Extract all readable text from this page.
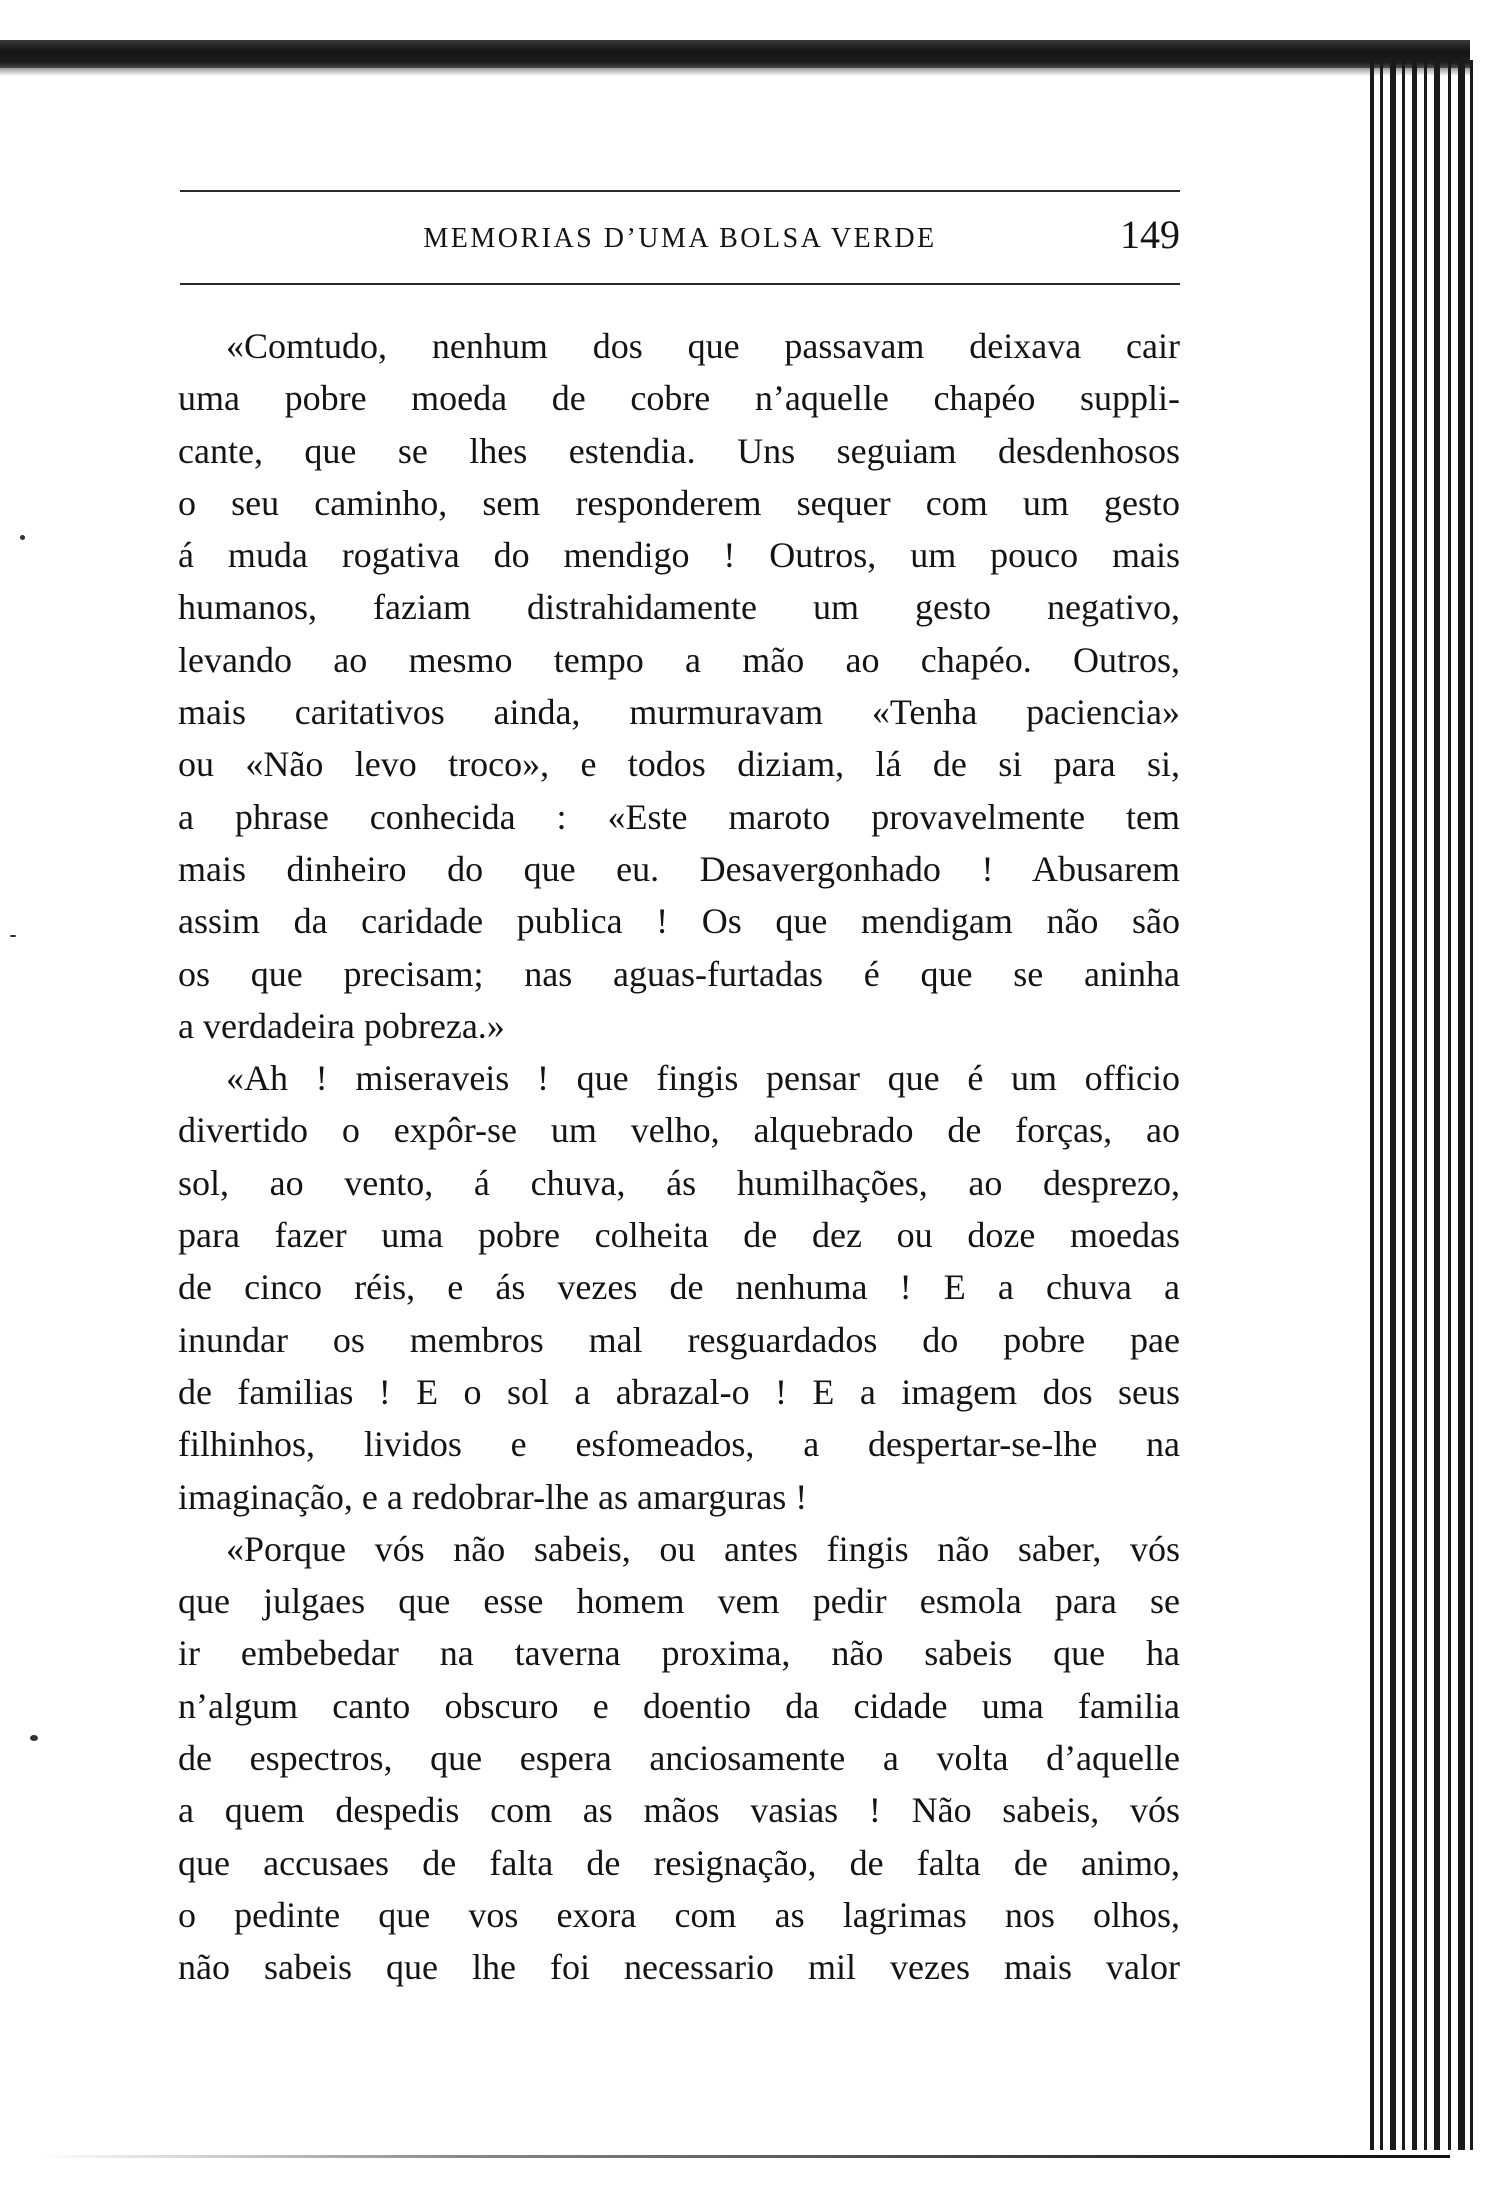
MEMORIAS D’UMA BOLSA VERDE	149
«Comtudo, nenhum dos que passavam deixava cair
uma pobre moeda de cobre n’aquelle chapéo suppli-
cante, que se lhes estendia. Uns seguiam desdenhosos
o seu caminho, sem responderem sequer com um gesto
á muda rogativa do mendigo ! Outros, um pouco mais
humanos, faziam distrahidamente um gesto negativo,
levando ao mesmo tempo a mão ao chapéo. Outros,
mais caritativos ainda, murmuravam «Tenha paciencia»
ou «Não levo troco», e todos diziam, lá de si para si,
a phrase conhecida : «Este maroto provavelmente tem
mais dinheiro do que eu. Desavergonhado ! Abusarem
assim da caridade publica ! Os que mendigam não são
os que precisam; nas aguas-furtadas é que se aninha
a verdadeira pobreza.»
«Ah ! miseraveis ! que fingis pensar que é um officio
divertido o expôr-se um velho, alquebrado de forças, ao
sol, ao vento, á chuva, ás humilhações, ao desprezo,
para fazer uma pobre colheita de dez ou doze moedas
de cinco réis, e ás vezes de nenhuma ! E a chuva a
inundar os membros mal resguardados do pobre pae
de familias ! E o sol a abrazal-o ! E a imagem dos seus
filhinhos, lividos e esfomeados, a despertar-se-lhe na
imaginação, e a redobrar-lhe as amarguras !
«Porque vós não sabeis, ou antes fingis não saber, vós
que julgaes que esse homem vem pedir esmola para se
ir embebedar na taverna proxima, não sabeis que ha
n’algum canto obscuro e doentio da cidade uma familia
de espectros, que espera anciosamente a volta d’aquelle
a quem despedis com as mãos vasias ! Não sabeis, vós
que accusaes de falta de resignação, de falta de animo,
o pedinte que vos exora com as lagrimas nos olhos,
não sabeis que lhe foi necessario mil vezes mais valor
